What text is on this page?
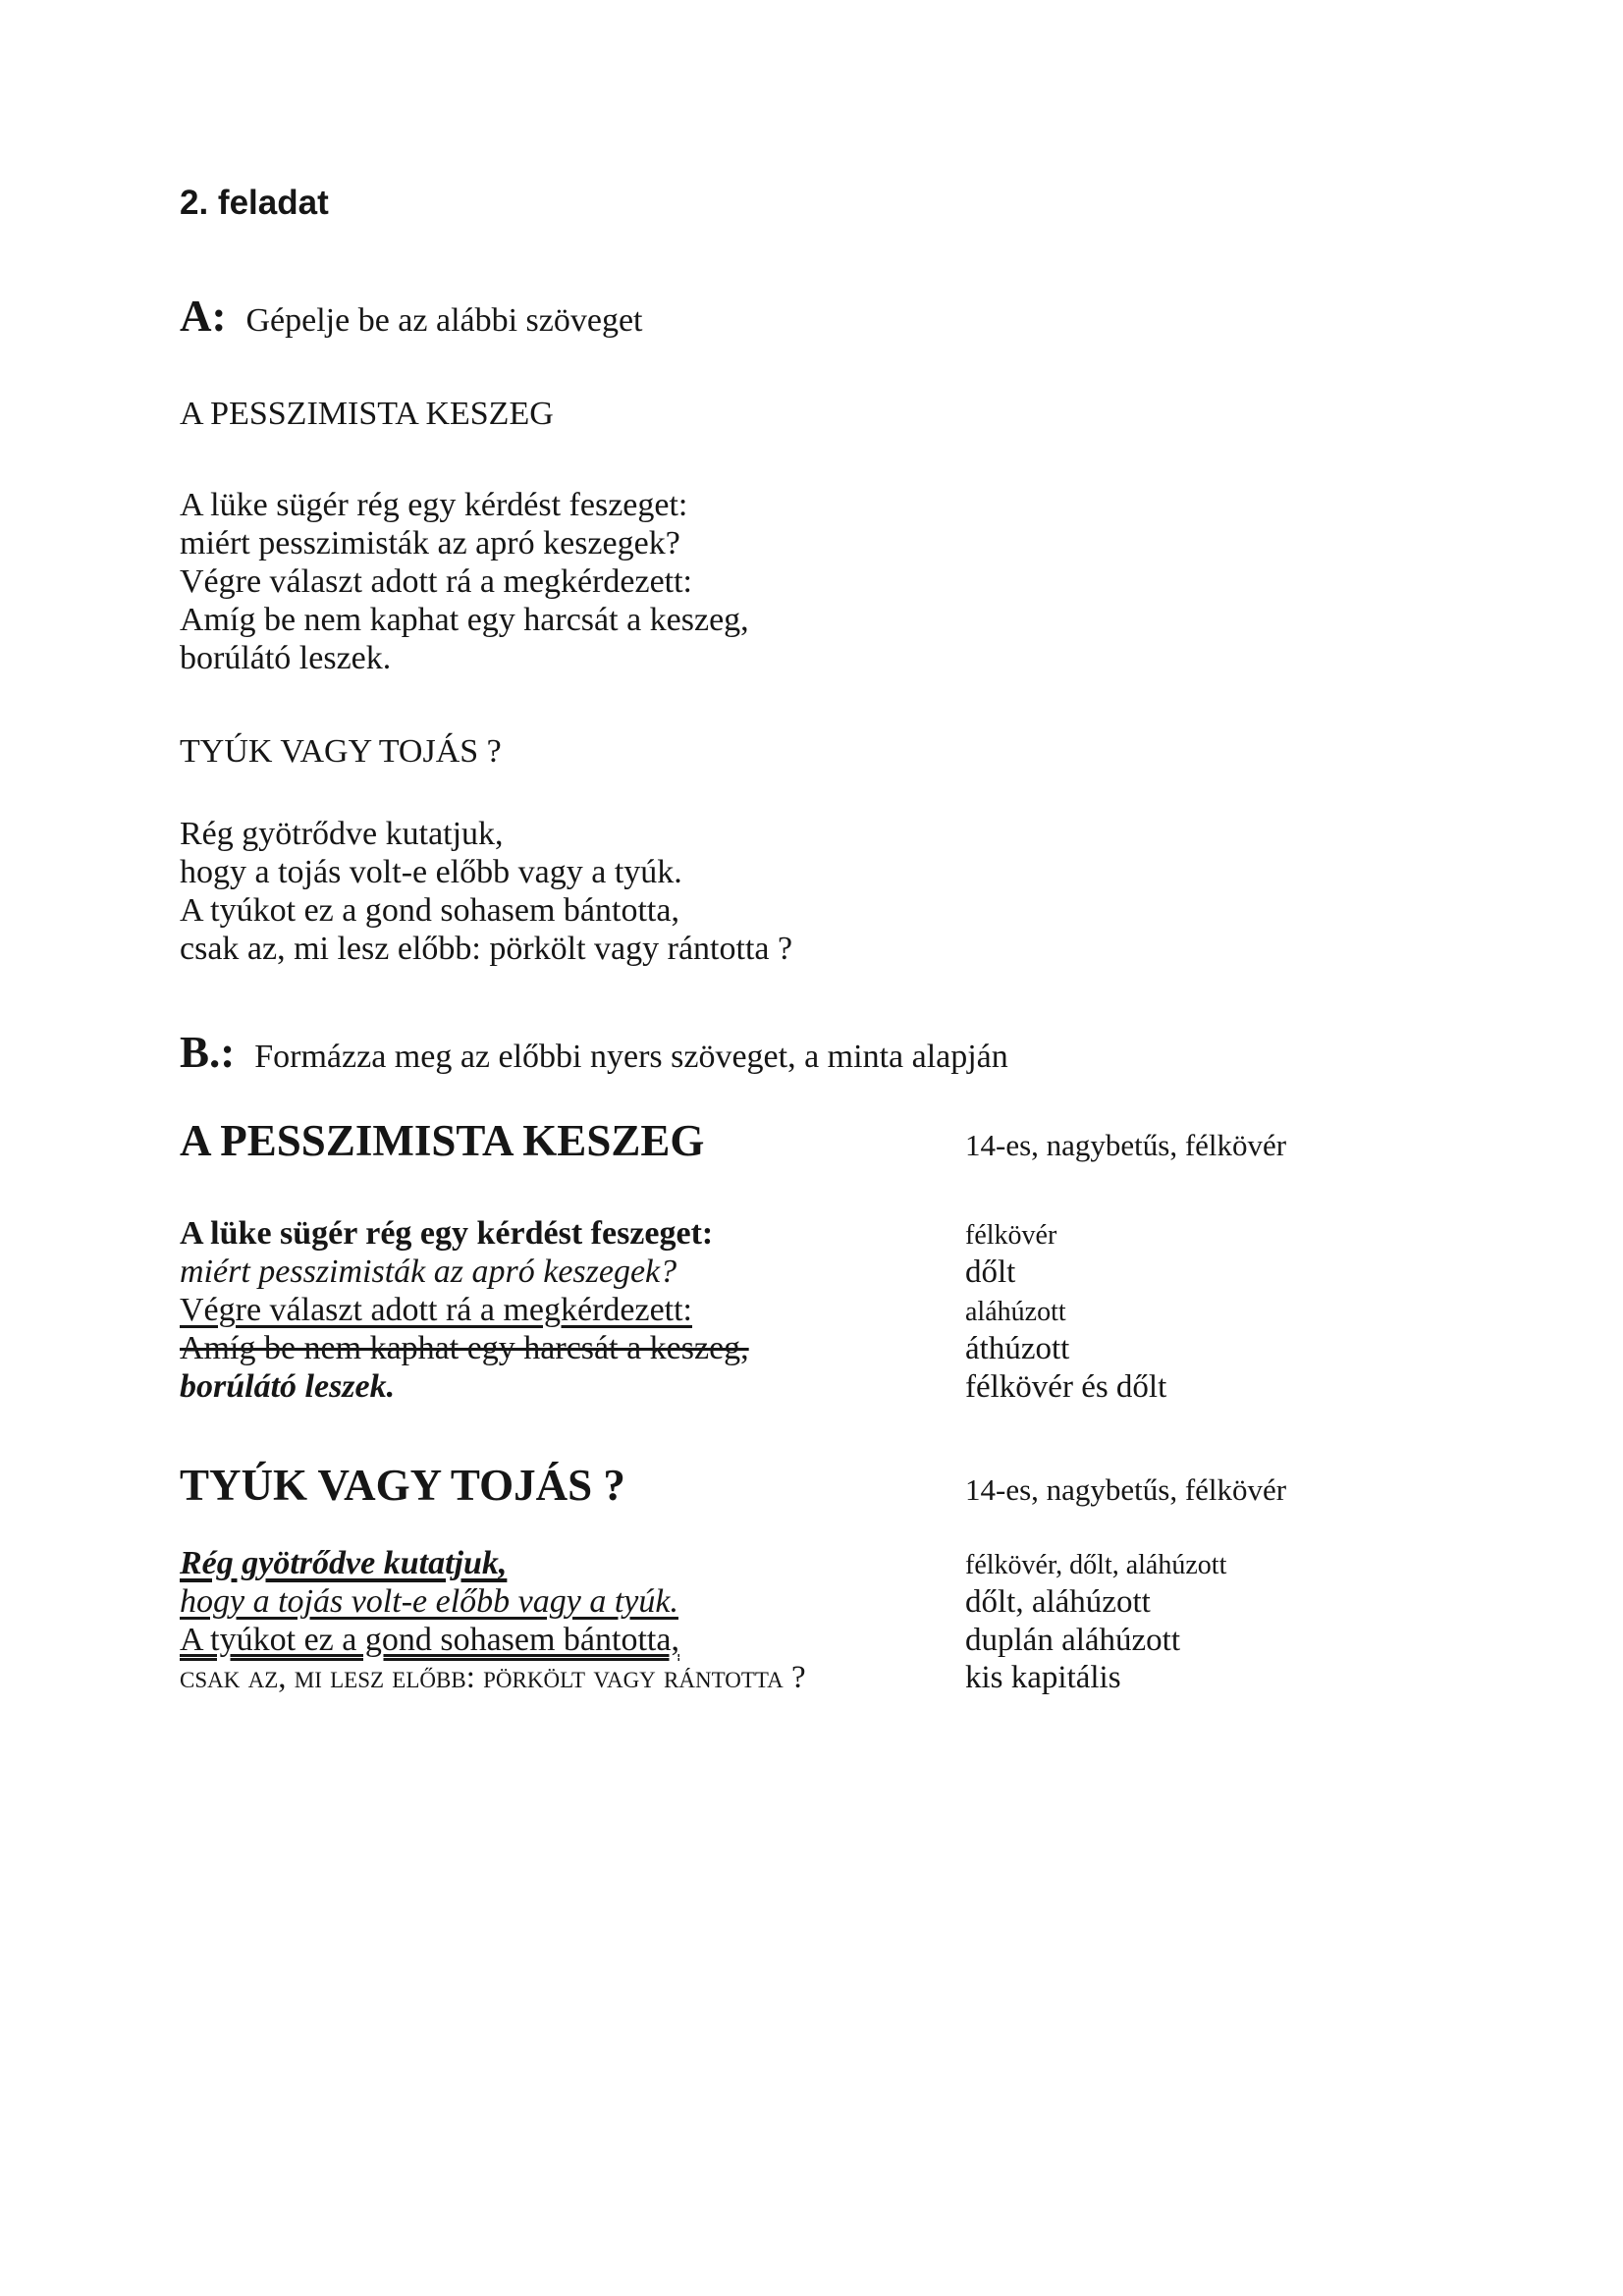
2. feladat
A: Gépelje be az alábbi szöveget
A PESSZIMISTA KESZEG
A lüke sügér rég egy kérdést feszeget:
miért pesszimisták az apró keszegek?
Végre választ adott rá a megkérdezett:
Amíg be nem kaphat egy harcsát a keszeg,
borúlátó leszek.
TYÚK VAGY TOJÁS ?
Rég gyötrődve kutatjuk,
hogy a tojás volt-e előbb vagy a tyúk.
A tyúkot ez a gond sohasem bántotta,
csak az, mi lesz előbb: pörkölt vagy rántotta ?
B.: Formázza meg az előbbi nyers szöveget, a minta alapján
A PESSZIMISTA KESZEG	14-es, nagybetűs, félkövér
A lüke sügér rég egy kérdést feszeget:	félkövér
miért pesszimisták az apró keszegek?	dőlt
Végre választ adott rá a megkérdezett:	aláhúzott
Amíg be nem kaphat egy harcsát a keszeg,	áthúzott
borúlátó leszek.	félkövér és dőlt
TYÚK VAGY TOJÁS ?	14-es, nagybetűs, félkövér
Rég gyötrődve kutatjuk,	félkövér, dőlt, aláhúzott
hogy a tojás volt-e előbb vagy a tyúk.	dőlt, aláhúzott
A tyúkot ez a gond sohasem bántotta,	duplán aláhúzott
csak az, mi lesz előbb: pörkölt vagy rántotta ?	kis kapitális
